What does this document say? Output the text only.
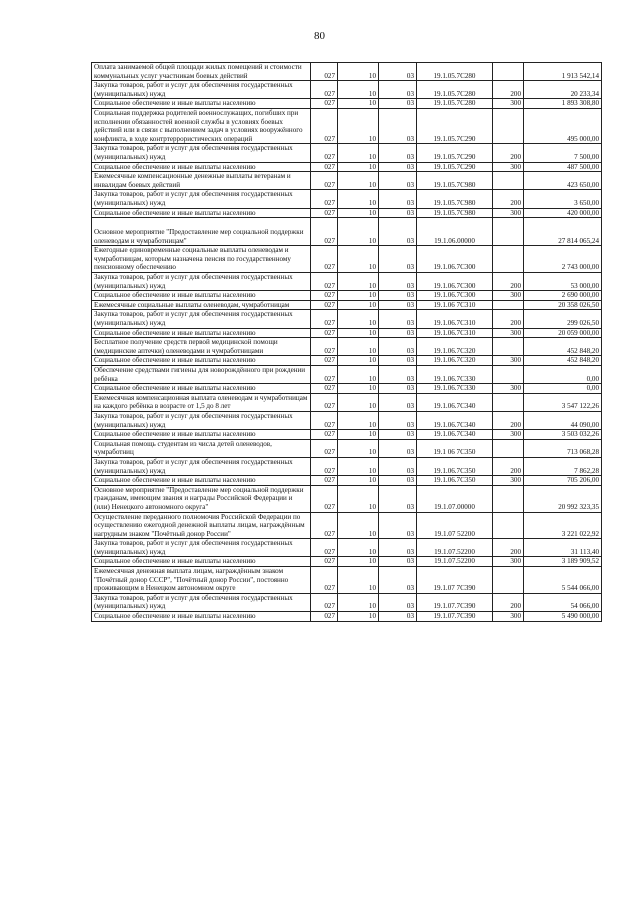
80
Оплата занимаемой общей площади жилых помещений и стоимости коммунальных услуг участникам боевых действий	027	10	03	19.1.05.7С280		1 913 542,14
Закупка товаров, работ и услуг для обеспечения государственных (муниципальных) нужд	027	10	03	19.1.05.7С280	200	20 233,34
Социальное обеспечение и иные выплаты населению	027	10	03	19.1.05.7С280	300	1 893 308,80
Социальная поддержка родителей военнослужащих, погибших при исполнении обязанностей военной службы в условиях боевых действий или в связи с выполнением задач в условиях вооружённого конфликта, в ходе контртеррористических операций	027	10	03	19.1.05.7С290		495 000,00
Закупка товаров, работ и услуг для обеспечения государственных (муниципальных) нужд	027	10	03	19.1.05.7С290	200	7 500,00
Социальное обеспечение и иные выплаты населению	027	10	03	19.1.05.7С290	300	487 500,00
Ежемесячные компенсационные денежные выплаты ветеранам и инвалидам боевых действий	027	10	03	19.1.05.7С980		423 650,00
Закупка товаров, работ и услуг для обеспечения государственных (муниципальных) нужд	027	10	03	19.1.05.7С980	200	3 650,00
Социальное обеспечение и иные выплаты населению	027	10	03	19.1.05.7С980	300	420 000,00
Основное мероприятие "Предоставление мер социальной поддержки оленеводам и чумработницам"	027	10	03	19.1.06.00000		27 814 065,24
Ежегодные единовременные социальные выплаты оленеводам и чумработницам, которым назначена пенсия по государственному пенсионному обеспечению	027	10	03	19.1.06.7С300		2 743 000,00
Закупка товаров, работ и услуг для обеспечения государственных (муниципальных) нужд	027	10	03	19.1.06.7С300	200	53 000,00
Социальное обеспечение и иные выплаты населению	027	10	03	19.1.06.7С300	300	2 690 000,00
Ежемесячные социальные выплаты оленеводам, чумработницам	027	10	03	19.1.06 7С310		20 358 026,50
Закупка товаров, работ и услуг для обеспечения государственных (муниципальных) нужд	027	10	03	19.1.06.7С310	200	299 026,50
Социальное обеспечение и иные выплаты населению	027	10	03	19.1.06.7С310	300	20 059 000,00
Бесплатное получение средств первой медицинской помощи (медицинские аптечки) оленеводами и чумработницами	027	10	03	19.1.06.7С320		452 848,20
Социальное обеспечение и иные выплаты населению	027	10	03	19.1.06.7С320	300	452 848,20
Обеспечение средствами гигиены для новорождённого при рождении ребёнка	027	10	03	19.1.06.7С330		0,00
Социальное обеспечение и иные выплаты населению	027	10	03	19.1.06.7С330	300	0,00
Ежемесячная компенсационная выплата оленеводам и чумработницам на каждого ребёнка в возрасте от 1,5 до 8 лет	027	10	03	19.1.06.7С340		3 547 122,26
Закупка товаров, работ и услуг для обеспечения государственных (муниципальных) нужд	027	10	03	19.1.06.7С340	200	44 090,00
Социальное обеспечение и иные выплаты населению	027	10	03	19.1.06.7С340	300	3 503 032,26
Социальная помощь студентам из числа детей оленеводов, чумработниц	027	10	03	19.1 06 7С350		713 068,28
Закупка товаров, работ и услуг для обеспечения государственных (муниципальных) нужд	027	10	03	19.1.06.7С350	200	7 862,28
Социальное обеспечение и иные выплаты населению	027	10	03	19.1.06.7С350	300	705 206,00
Основное мероприятие "Предоставление мер социальной поддержки гражданам, имеющим звания и награды Российской Федерации и (или) Ненецкого автономного округа"	027	10	03	19.1.07.00000		20 992 323,35
Осуществление переданного полномочия Российской Федерации по осуществлению ежегодной денежной выплаты лицам, награждённым нагрудным знаком "Почётный донор России"	027	10	03	19.1.07 52200		3 221 022,92
Закупка товаров, работ и услуг для обеспечения государственных (муниципальных) нужд	027	10	03	19.1.07.52200	200	31 113,40
Социальное обеспечение и иные выплаты населению	027	10	03	19.1.07.52200	300	3 189 909,52
Ежемесячная денежная выплата лицам, награждённым знаком "Почётный донор СССР", "Почётный донор России", постоянно проживающим в Ненецком автономном округе	027	10	03	19.1.07 7С390		5 544 066,00
Закупка товаров, работ и услуг для обеспечения государственных (муниципальных) нужд	027	10	03	19.1.07.7С390	200	54 066,00
Социальное обеспечение и иные выплаты населению	027	10	03	19.1.07.7С390	300	5 490 000,00
